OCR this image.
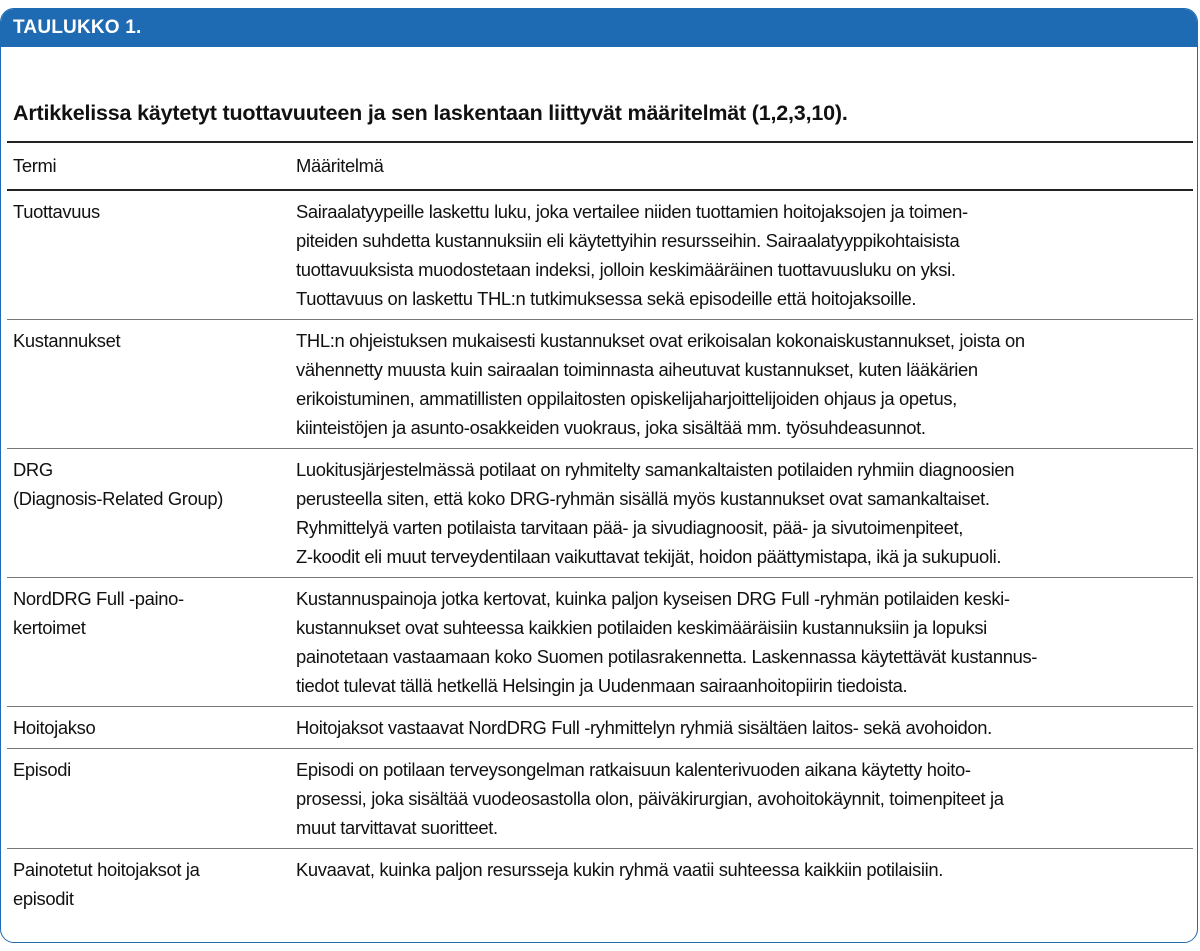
TAULUKKO 1.
Artikkelissa käytetyt tuottavuuteen ja sen laskentaan liittyvät määritelmät (1,2,3,10).
Termi	Määritelmä

Tuottavuus	Sairaalatyypeille laskettu luku, joka vertailee niiden tuottamien hoitojaksojen ja toimen-
piteiden suhdetta kustannuksiin eli käytettyihin resursseihin. Sairaalatyyppikohtaisista
tuottavuuksista muodostetaan indeksi, jolloin keskimääräinen tuottavuusluku on yksi.
Tuottavuus on laskettu THL:n tutkimuksessa sekä episodeille että hoitojaksoille.

Kustannukset	THL:n ohjeistuksen mukaisesti kustannukset ovat erikoisalan kokonaiskustannukset, joista on
vähennetty muusta kuin sairaalan toiminnasta aiheutuvat kustannukset, kuten lääkärien
erikoistuminen, ammatillisten oppilaitosten opiskelijaharjoittelijoiden ohjaus ja opetus,
kiinteistöjen ja asunto-osakkeiden vuokraus, joka sisältää mm. työsuhdeasunnot.

DRG
(Diagnosis-Related Group)	Luokitusjärjestelmässä potilaat on ryhmitelty samankaltaisten potilaiden ryhmiin diagnoosien
perusteella siten, että koko DRG-ryhmän sisällä myös kustannukset ovat samankaltaiset.
Ryhmittelyä varten potilaista tarvitaan pää- ja sivudiagnoosit, pää- ja sivutoimenpiteet,
Z-koodit eli muut terveydentilaan vaikuttavat tekijät, hoidon päättymistapa, ikä ja sukupuoli.

NordDRG Full -paino-
kertoimet	Kustannuspainoja jotka kertovat, kuinka paljon kyseisen DRG Full -ryhmän potilaiden keski-
kustannukset ovat suhteessa kaikkien potilaiden keskimääräisiin kustannuksiin ja lopuksi
painotetaan vastaamaan koko Suomen potilasrakennetta. Laskennassa käytettävät kustannus-
tiedot tulevat tällä hetkellä Helsingin ja Uudenmaan sairaanhoitopiirin tiedoista.

Hoitojakso	Hoitojaksot vastaavat NordDRG Full -ryhmittelyn ryhmiä sisältäen laitos- sekä avohoidon.

Episodi	Episodi on potilaan terveysongelman ratkaisuun kalenterivuoden aikana käytetty hoito-
prosessi, joka sisältää vuodeosastolla olon, päiväkirurgian, avohoitokäynnit, toimenpiteet ja
muut tarvittavat suoritteet.

Painotetut hoitojaksot ja
episodit	Kuvaavat, kuinka paljon resursseja kukin ryhmä vaatii suhteessa kaikkiin potilaisiin.
